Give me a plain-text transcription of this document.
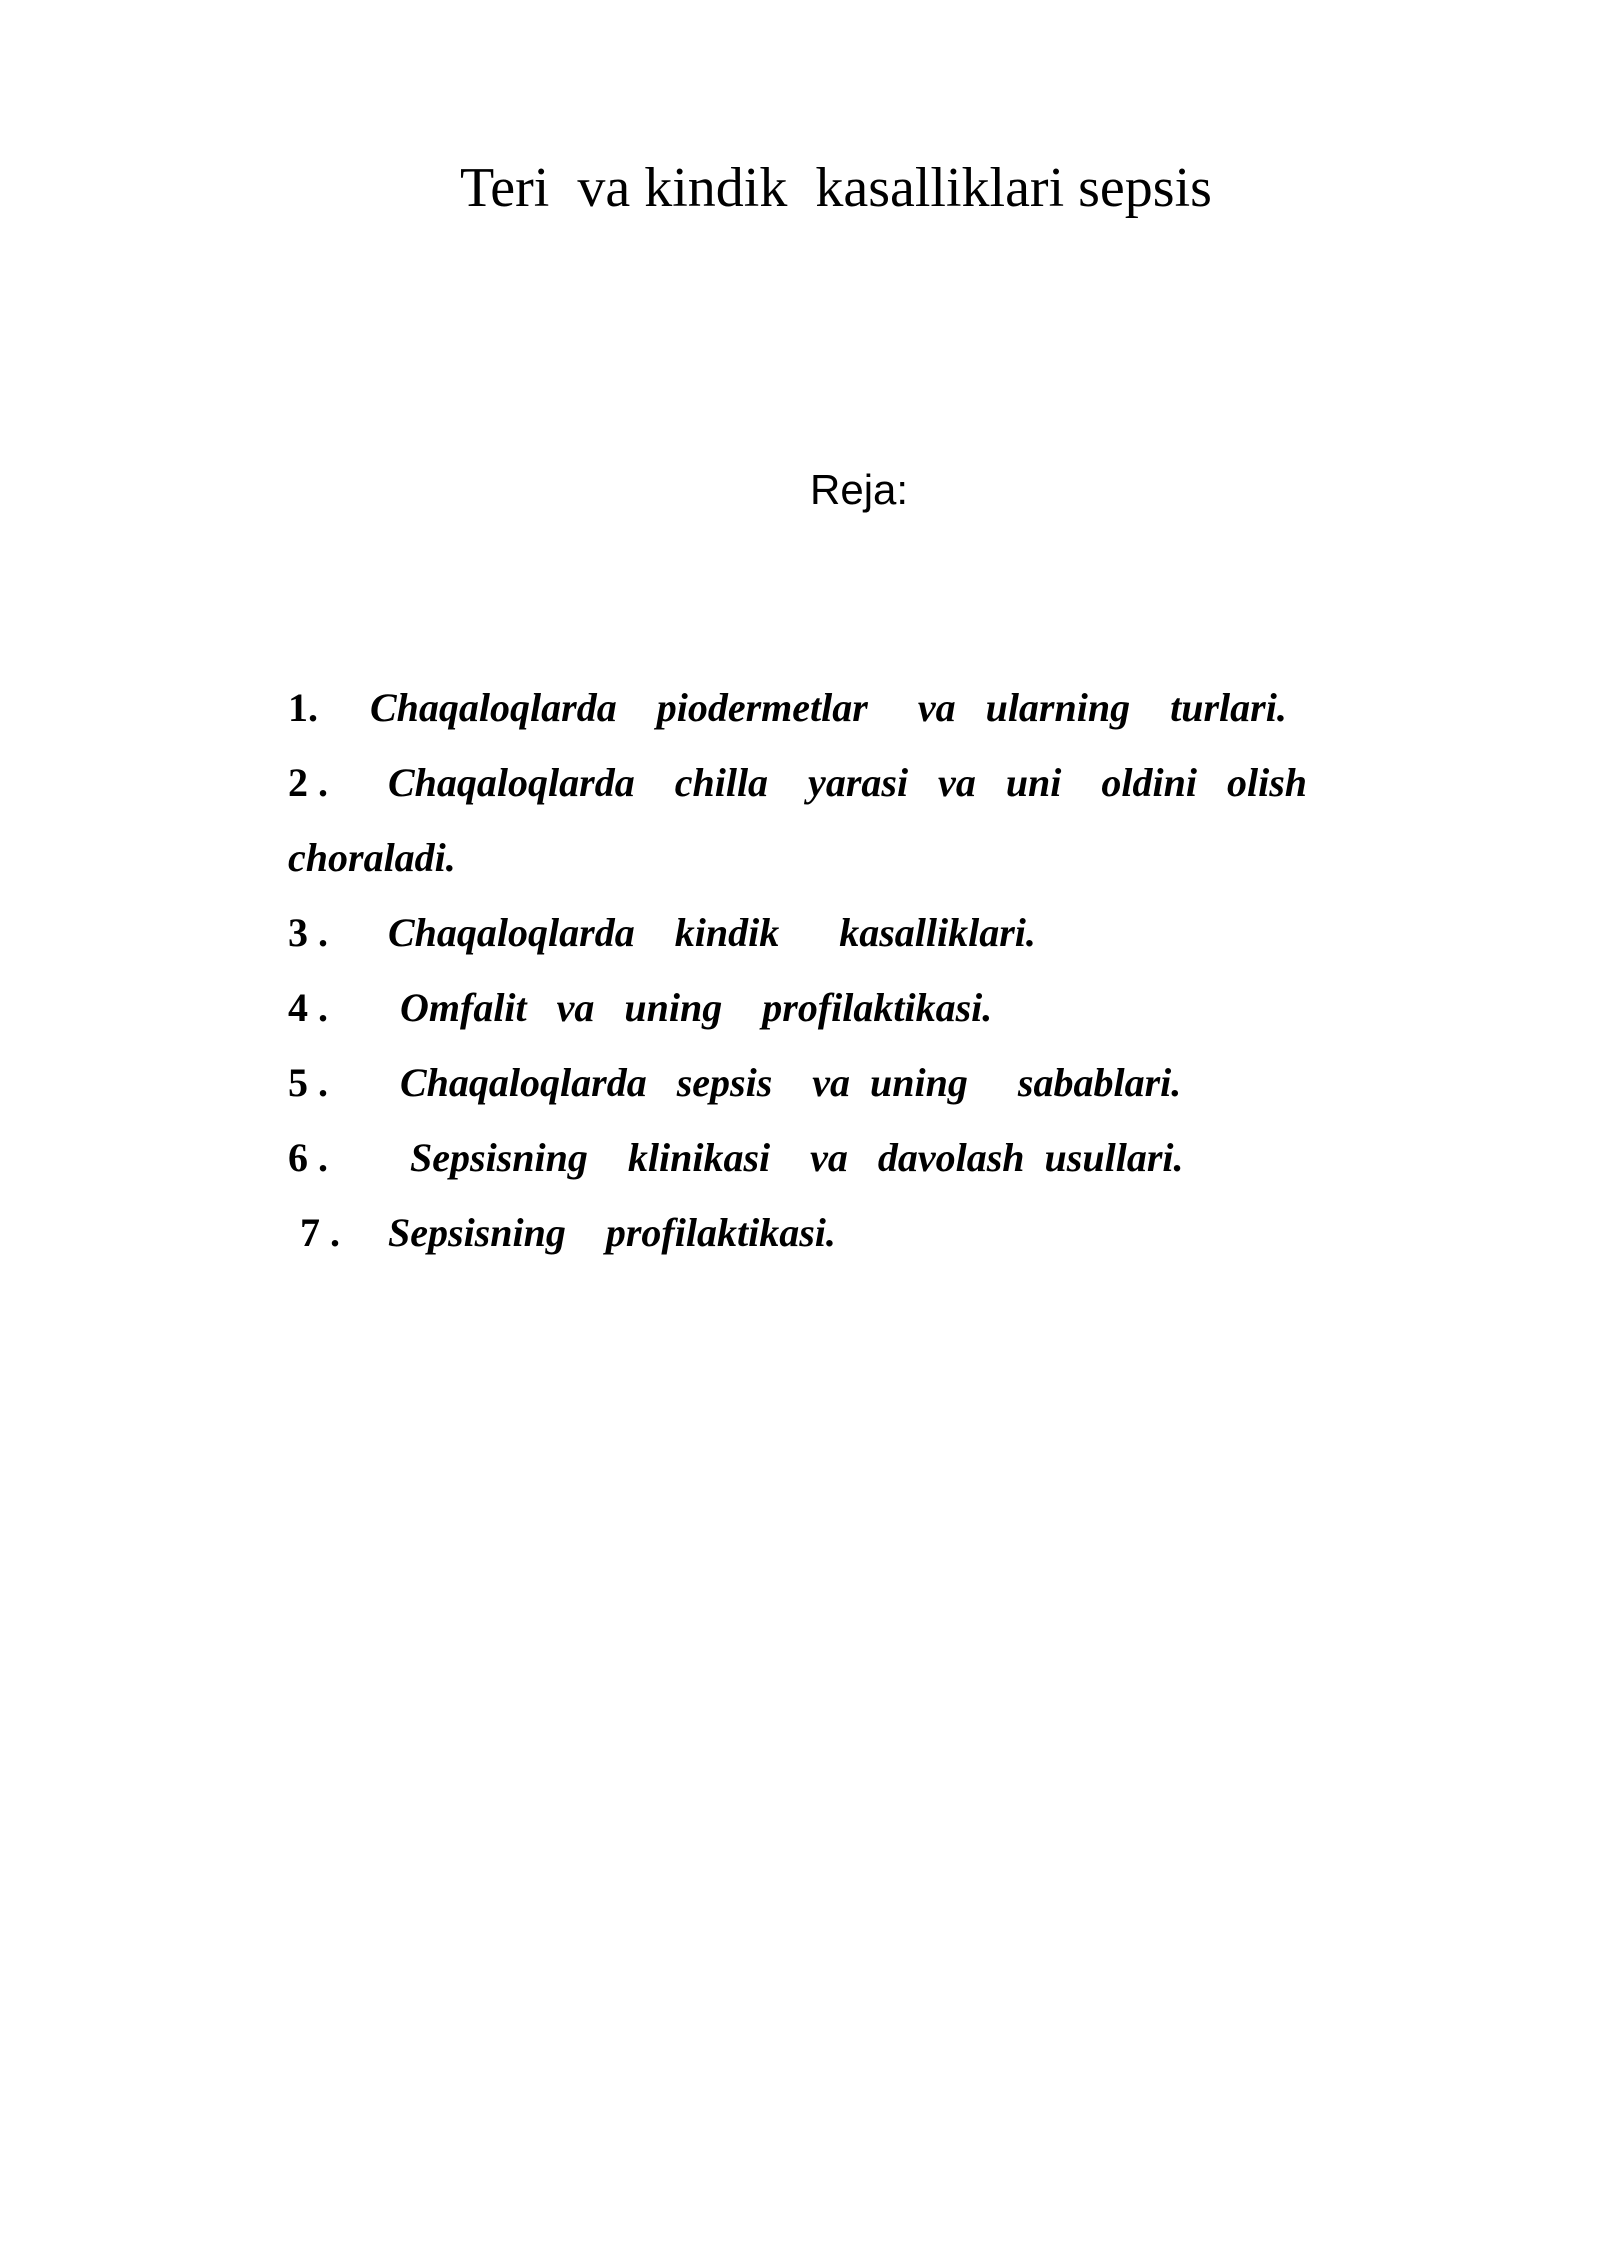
Teri  va kindik  kasalliklari sepsis
Reja:

1. Chaqaloqlarda    piodermetlar     va   ularning    turlari.

2 . Chaqaloqlarda    chilla    yarasi   va   uni    oldini   olish

choraladi.

3 . Chaqaloqlarda    kindik      kasalliklari.

4 . Omfalit   va   uning    profilaktikasi.

5 . Chaqaloqlarda   sepsis    va  uning     sabablari.

6 . Sepsisning    klinikasi    va   davolash  usullari.

7 . Sepsisning    profilaktikasi.
